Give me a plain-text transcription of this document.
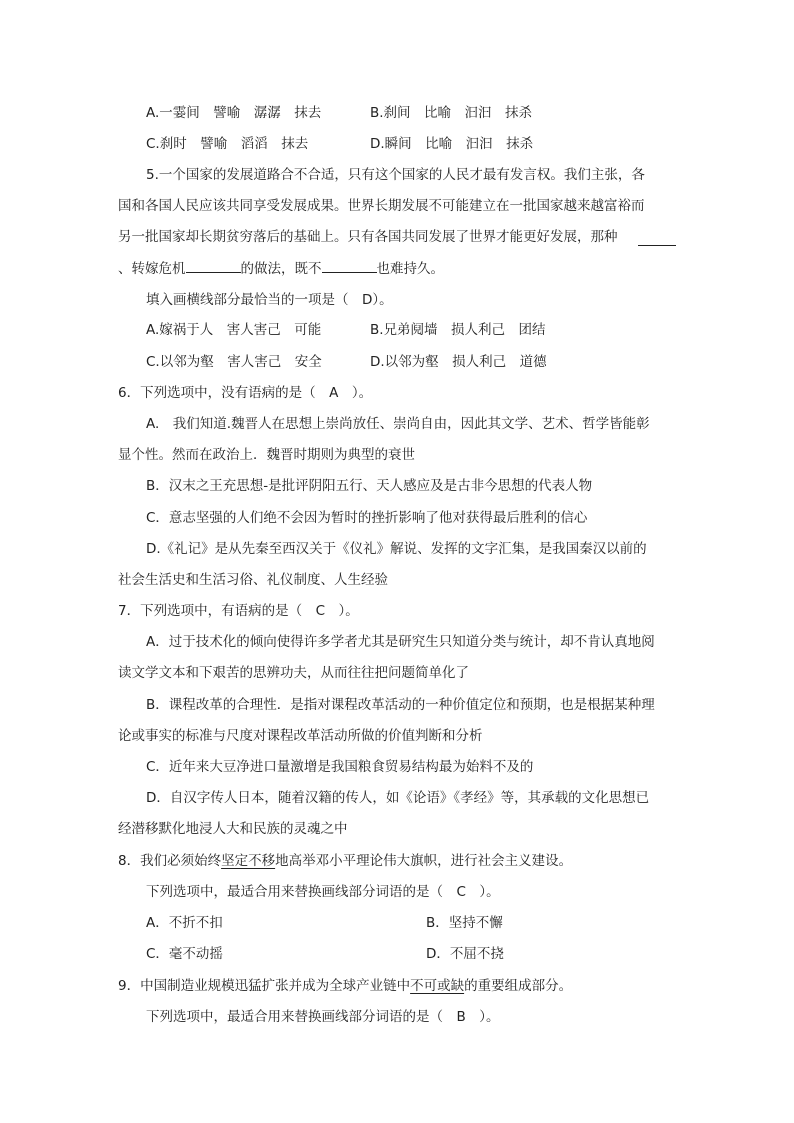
A.一霎间　譬喻　潺潺　抹去	B.刹间　比喻　汩汩　抹杀
C.刹时　譬喻　滔滔　抹去	D.瞬间　比喻　汩汩　抹杀
5.一个国家的发展道路合不合适，只有这个国家的人民才最有发言权。我们主张，各
国和各国人民应该共同享受发展成果。世界长期发展不可能建立在一批国家越来越富裕而
另一批国家却长期贫穷落后的基础上。只有各国共同发展了世界才能更好发展，那种
、转嫁危机	的做法，既不	也难持久。
填入画横线部分最恰当的一项是（　D）。
A.嫁祸于人　害人害己　可能	B.兄弟阋墙　损人利己　团结
C.以邻为壑　害人害己　安全	D.以邻为壑　损人利己　道德
6．下列选项中，没有语病的是（　A　）。
A.　我们知道.魏晋人在思想上崇尚放任、崇尚自由，因此其文学、艺术、哲学皆能彰
显个性。然而在政治上．魏晋时期则为典型的衰世
B．汉末之王充思想-是批评阴阳五行、天人感应及是古非今思想的代表人物
C．意志坚强的人们绝不会因为暂时的挫折影响了他对获得最后胜利的信心
D.《礼记》是从先秦至西汉关于《仪礼》解说、发挥的文字汇集，是我国秦汉以前的
社会生活史和生活习俗、礼仪制度、人生经验
7．下列选项中，有语病的是（　C　）。
A．过于技术化的倾向使得许多学者尤其是研究生只知道分类与统计，却不肯认真地阅
读文学文本和下艰苦的思辨功夫，从而往往把问题简单化了
B．课程改革的合理性．是指对课程改革活动的一种价值定位和预期，也是根据某种理
论或事实的标准与尺度对课程改革活动所做的价值判断和分析
C．近年来大豆净进口量激增是我国粮食贸易结构最为始料不及的
D．自汉字传人日本，随着汉籍的传人，如《论语》《孝经》等，其承载的文化思想已
经潜移默化地浸人大和民族的灵魂之中
8．我们必须始终坚定不移地高举邓小平理论伟大旗帜，进行社会主义建设。
下列选项中，最适合用来替换画线部分词语的是（　C　）。
A．不折不扣	B．坚持不懈
C．毫不动摇	D．不屈不挠
9．中国制造业规模迅猛扩张并成为全球产业链中不可或缺的重要组成部分。
下列选项中，最适合用来替换画线部分词语的是（　B　）。
